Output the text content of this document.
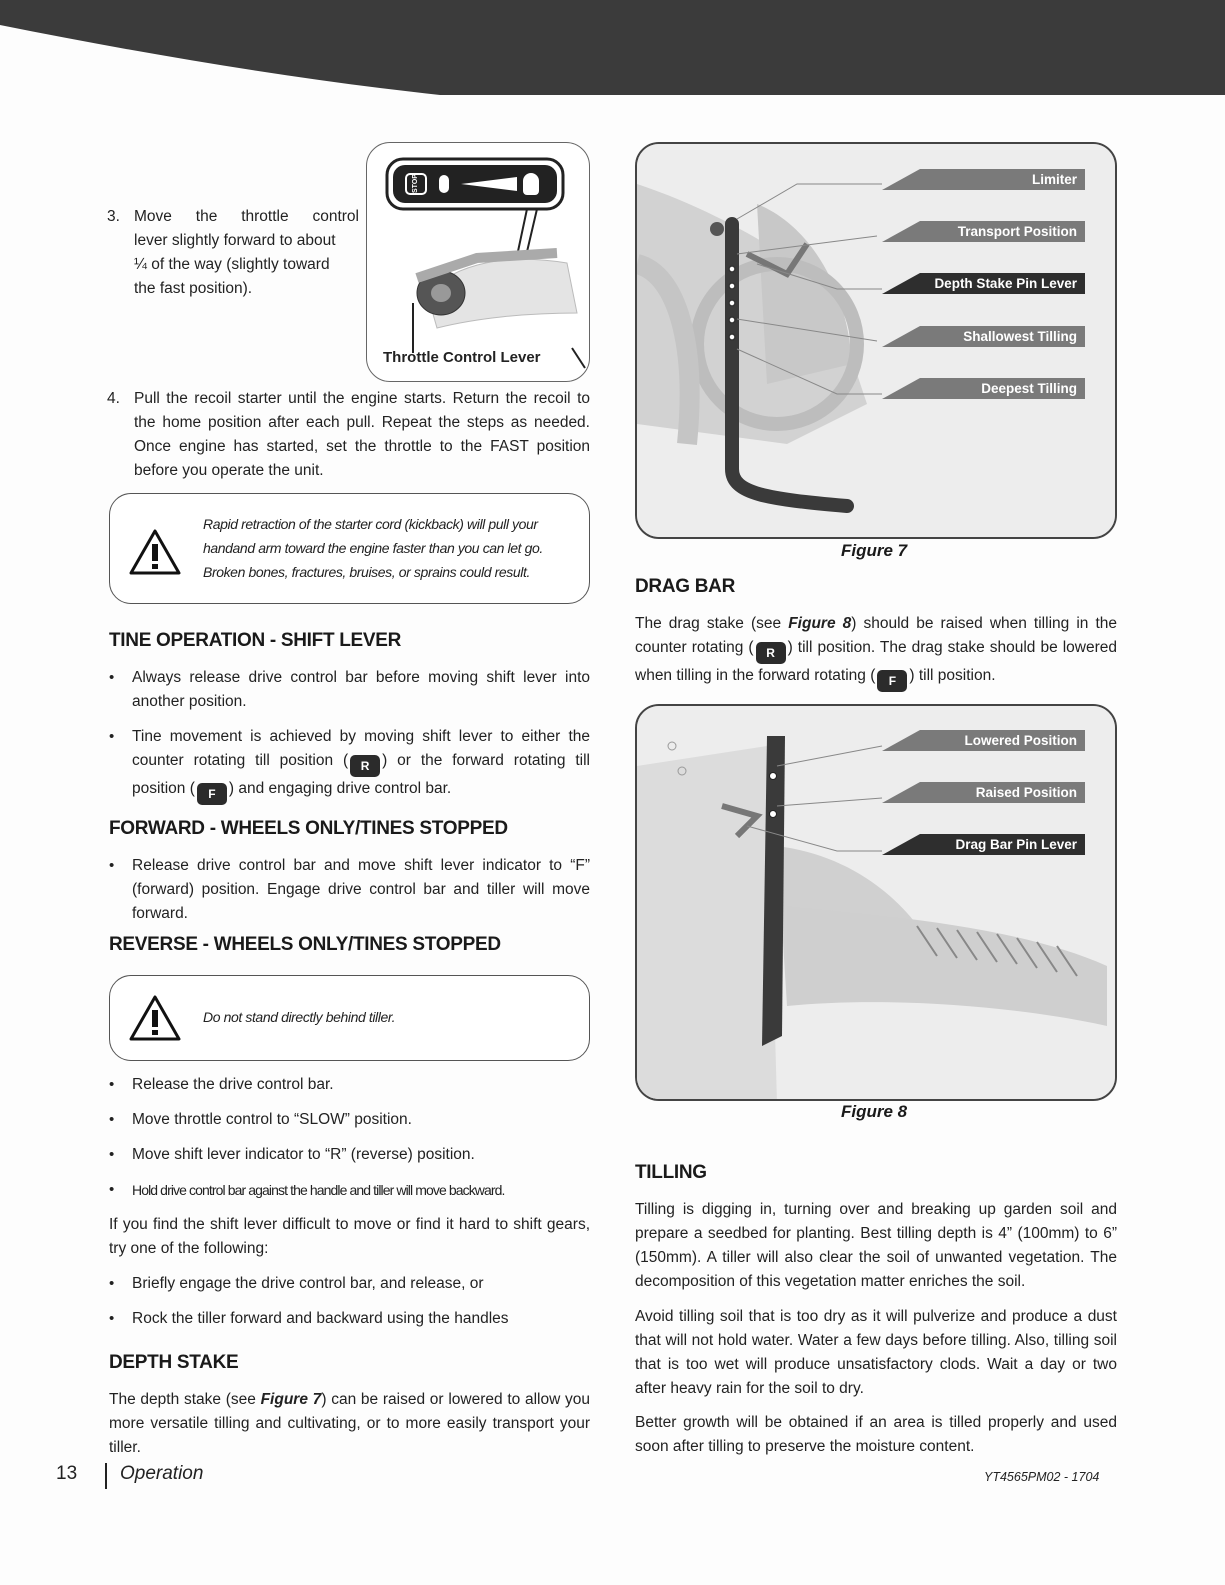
3. Move the throttle control
lever slightly forward to about
¼ of the way (slightly toward
the fast position).
STOP
Throttle Control Lever
4. Pull the recoil starter until the engine starts. Return the recoil to the home position after each pull. Repeat the steps as needed. Once engine has started, set the throttle to the FAST position before you operate the unit.
Rapid retraction of the starter cord (kickback) will pull your
handand arm toward the engine faster than you can let go.
Broken bones, fractures, bruises, or sprains could result.
TINE OPERATION - SHIFT LEVER
• Always release drive control bar before moving shift lever into another position.
• Tine movement is achieved by moving shift lever to either the counter rotating till position ( R ) or the forward rotating till position ( F ) and engaging drive control bar.
FORWARD - WHEELS ONLY/TINES STOPPED
• Release drive control bar and move shift lever indicator to “F” (forward) position. Engage drive control bar and tiller will move forward.
REVERSE - WHEELS ONLY/TINES STOPPED
Do not stand directly behind tiller.
• Release the drive control bar.
• Move throttle control to “SLOW” position.
• Move shift lever indicator to “R” (reverse) position.
• Hold drive control bar against the handle and tiller will move backward.
If you find the shift lever difficult to move or find it hard to shift gears, try one of the following:
• Briefly engage the drive control bar, and release, or
• Rock the tiller forward and backward using the handles
DEPTH STAKE
The depth stake (see Figure 7) can be raised or lowered to allow you more versatile tilling and cultivating, or to more easily transport your tiller.
Limiter
Transport Position
Depth Stake Pin Lever
Shallowest Tilling
Deepest Tilling
Figure 7
DRAG BAR
The drag stake (see Figure 8) should be raised when tilling in the counter rotating ( R ) till position. The drag stake should be lowered when tilling in the forward rotating ( F ) till position.
Lowered Position
Raised Position
Drag Bar Pin Lever
Figure 8
TILLING
Tilling is digging in, turning over and breaking up garden soil and prepare a seedbed for planting. Best tilling depth is 4” (100mm) to 6” (150mm). A tiller will also clear the soil of unwanted vegetation. The decomposition of this vegetation matter enriches the soil.
Avoid tilling soil that is too dry as it will pulverize and produce a dust that will not hold water. Water a few days before tilling. Also, tilling soil that is too wet will produce unsatisfactory clods. Wait a day or two after heavy rain for the soil to dry.
Better growth will be obtained if an area is tilled properly and used soon after tilling to preserve the moisture content.
13 Operation	YT4565PM02 - 1704
